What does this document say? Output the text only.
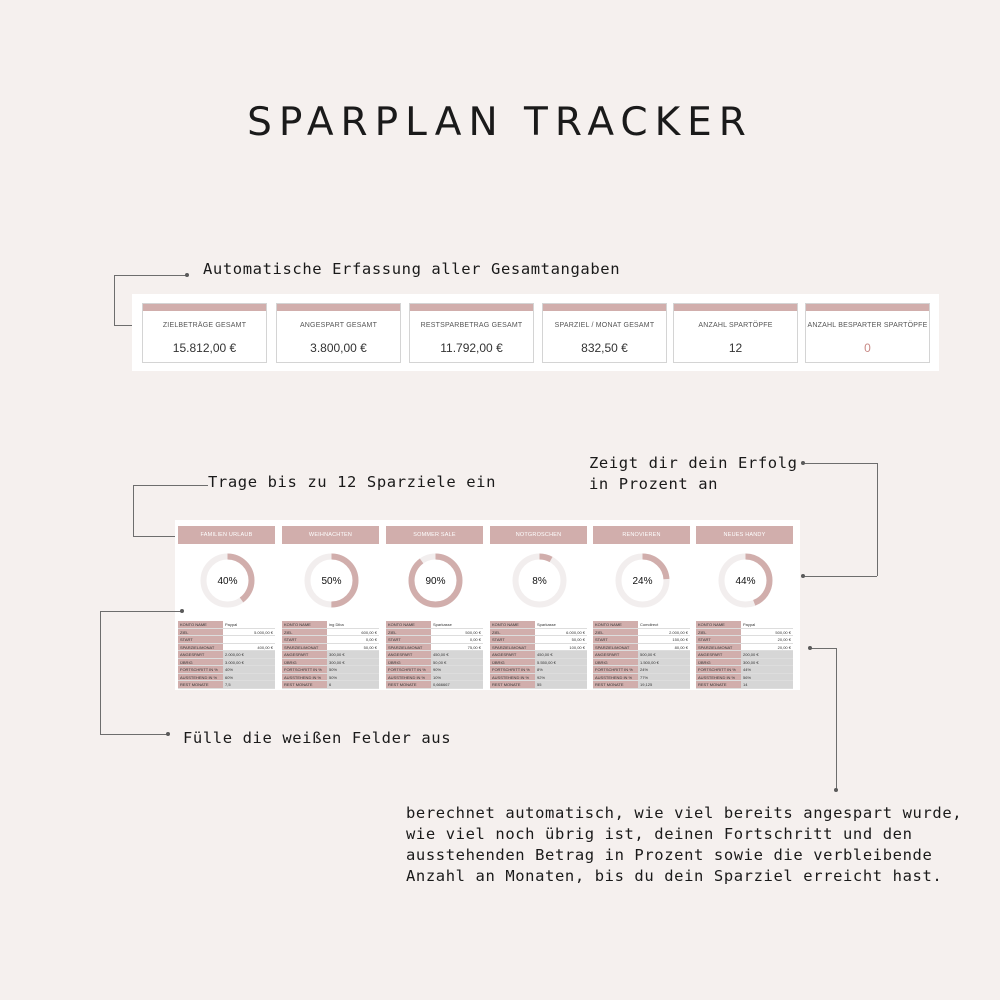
SPARPLAN TRACKER
Automatische Erfassung aller Gesamtangaben
ZIELBETRÄGE GESAMT
15.812,00 €
ANGESPART GESAMT
3.800,00 €
RESTSPARBETRAG GESAMT
11.792,00 €
SPARZIEL / MONAT GESAMT
832,50 €
ANZAHL SPARTÖPFE
12
ANZAHL BESPARTER SPARTÖPFE
0
Trage bis zu 12 Sparziele ein
Zeigt dir dein Erfolg in Prozent an
FAMILIEN URLAUB
40%
KONTO NAME	Paypal
ZIEL	5.000,00 €
START
SPARZIEL/MONAT	400,00 €
ANGESPART	2.000,00 €
ÜBRIG	3.000,00 €
FORTSCHRITT IN %	40%
AUSSTEHEND IN %	60%
REST MONATE	7,5
WEIHNACHTEN
50%
KONTO NAME	ing Diba
ZIEL	600,00 €
START	0,00 €
SPARZIEL/MONAT	50,00 €
ANGESPART	300,00 €
ÜBRIG	300,00 €
FORTSCHRITT IN %	50%
AUSSTEHEND IN %	50%
REST MONATE	6
SOMMER SALE
90%
KONTO NAME	Sparkasse
ZIEL	500,00 €
START	0,00 €
SPARZIEL/MONAT	75,00 €
ANGESPART	450,00 €
ÜBRIG	50,00 €
FORTSCHRITT IN %	90%
AUSSTEHEND IN %	10%
REST MONATE	0,666667
NOTGROSCHEN
8%
KONTO NAME	Sparkasse
ZIEL	6.000,00 €
START	50,00 €
SPARZIEL/MONAT	100,00 €
ANGESPART	450,00 €
ÜBRIG	5.550,00 €
FORTSCHRITT IN %	8%
AUSSTEHEND IN %	92%
REST MONATE	55
RENOVIEREN
24%
KONTO NAME	Comdirect
ZIEL	2.000,00 €
START	150,00 €
SPARZIEL/MONAT	80,00 €
ANGESPART	500,00 €
ÜBRIG	1.500,00 €
FORTSCHRITT IN %	24%
AUSSTEHEND IN %	77%
REST MONATE	19,125
NEUES HANDY
44%
KONTO NAME	Paypal
ZIEL	500,00 €
START	20,00 €
SPARZIEL/MONAT	20,00 €
ANGESPART	200,00 €
ÜBRIG	300,00 €
FORTSCHRITT IN %	44%
AUSSTEHEND IN %	56%
REST MONATE	14
Fülle die weißen Felder aus
berechnet automatisch, wie viel bereits angespart wurde, wie viel noch übrig ist, deinen Fortschritt und den ausstehenden Betrag in Prozent sowie die verbleibende Anzahl an Monaten, bis du dein Sparziel erreicht hast.
